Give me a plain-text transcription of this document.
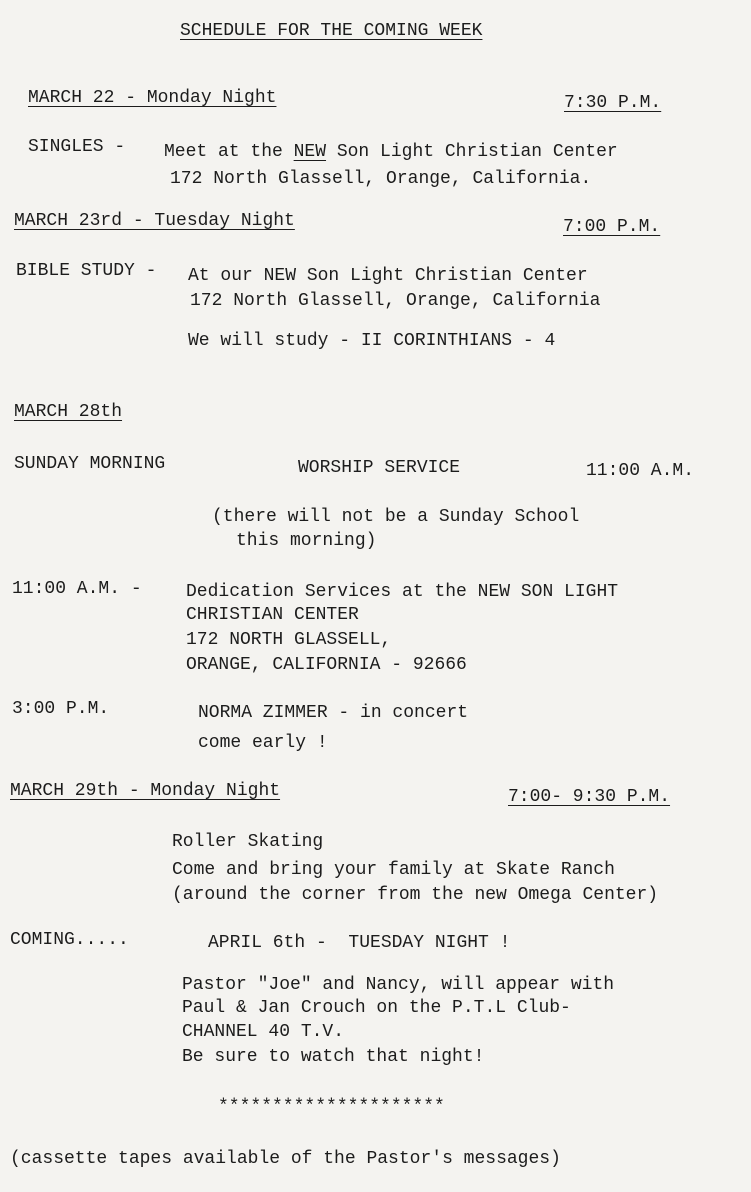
SCHEDULE FOR THE COMING WEEK
MARCH 22 - Monday Night	7:30 P.M.
SINGLES - Meet at the NEW Son Light Christian Center
172 North Glassell, Orange, California.
MARCH 23rd - Tuesday Night	7:00 P.M.
BIBLE STUDY - At our NEW Son Light Christian Center
172 North Glassell, Orange, California
We will study - II CORINTHIANS - 4
MARCH 28th
SUNDAY MORNING	WORSHIP SERVICE	11:00 A.M.
(there will not be a Sunday School
this morning)
11:00 A.M. - Dedication Services at the NEW SON LIGHT
CHRISTIAN CENTER
172 NORTH GLASSELL,
ORANGE, CALIFORNIA - 92666
3:00 P.M.	NORMA ZIMMER - in concert
come early !
MARCH 29th - Monday Night	7:00- 9:30 P.M.
Roller Skating
Come and bring your family at Skate Ranch
(around the corner from the new Omega Center)
COMING.....	APRIL 6th -  TUESDAY NIGHT !
Pastor "Joe" and Nancy, will appear with
Paul & Jan Crouch on the P.T.L Club-
CHANNEL 40 T.V.
Be sure to watch that night!
*********************
(cassette tapes available of the Pastor's messages)
